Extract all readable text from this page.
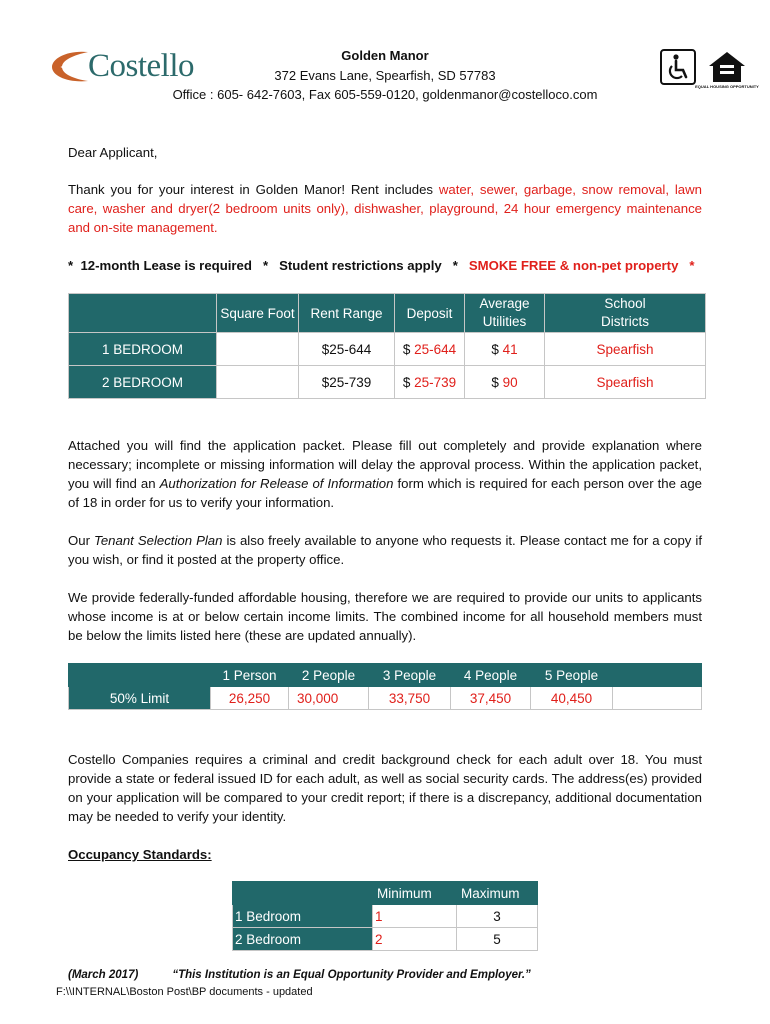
Costello	Golden Manor
372 Evans Lane, Spearfish, SD 57783
Office : 605- 642-7603, Fax 605-559-0120, goldenmanor@costelloco.com
EQUAL HOUSING OPPORTUNITY

Dear Applicant,

Thank you for your interest in Golden Manor! Rent includes water, sewer, garbage, snow removal, lawn care, washer and dryer(2 bedroom units only), dishwasher, playground, 24 hour emergency maintenance and on-site management.

*  12-month Lease is required   *   Student restrictions apply   *   SMOKE FREE & non-pet property   *

	Square Foot	Rent Range	Deposit	Average Utilities	School Districts

1 BEDROOM		$25-644	$ 25-644	$ 41	Spearfish
2 BEDROOM		$25-739	$ 25-739	$ 90	Spearfish

Attached you will find the application packet. Please fill out completely and provide explanation where necessary; incomplete or missing information will delay the approval process. Within the application packet, you will find an Authorization for Release of Information form which is required for each person over the age of 18 in order for us to verify your information.

Our Tenant Selection Plan is also freely available to anyone who requests it. Please contact me for a copy if you wish, or find it posted at the property office.

We provide federally-funded affordable housing, therefore we are required to provide our units to applicants whose income is at or below certain income limits. The combined income for all household members must be below the limits listed here (these are updated annually).

	1 Person	2 People	3 People	4 People	5 People	
50% Limit	26,250	30,000	33,750	37,450	40,450	

Costello Companies requires a criminal and credit background check for each adult over 18. You must provide a state or federal issued ID for each adult, as well as social security cards. The address(es) provided on your application will be compared to your credit report; if there is a discrepancy, additional documentation may be needed to verify your identity.

Occupancy Standards:

	Minimum	Maximum
1 Bedroom	1	3
2 Bedroom	2	5
(March 2017)	“This Institution is an Equal Opportunity Provider and Employer.”
F:\\INTERNAL\Boston Post\BP documents - updated
